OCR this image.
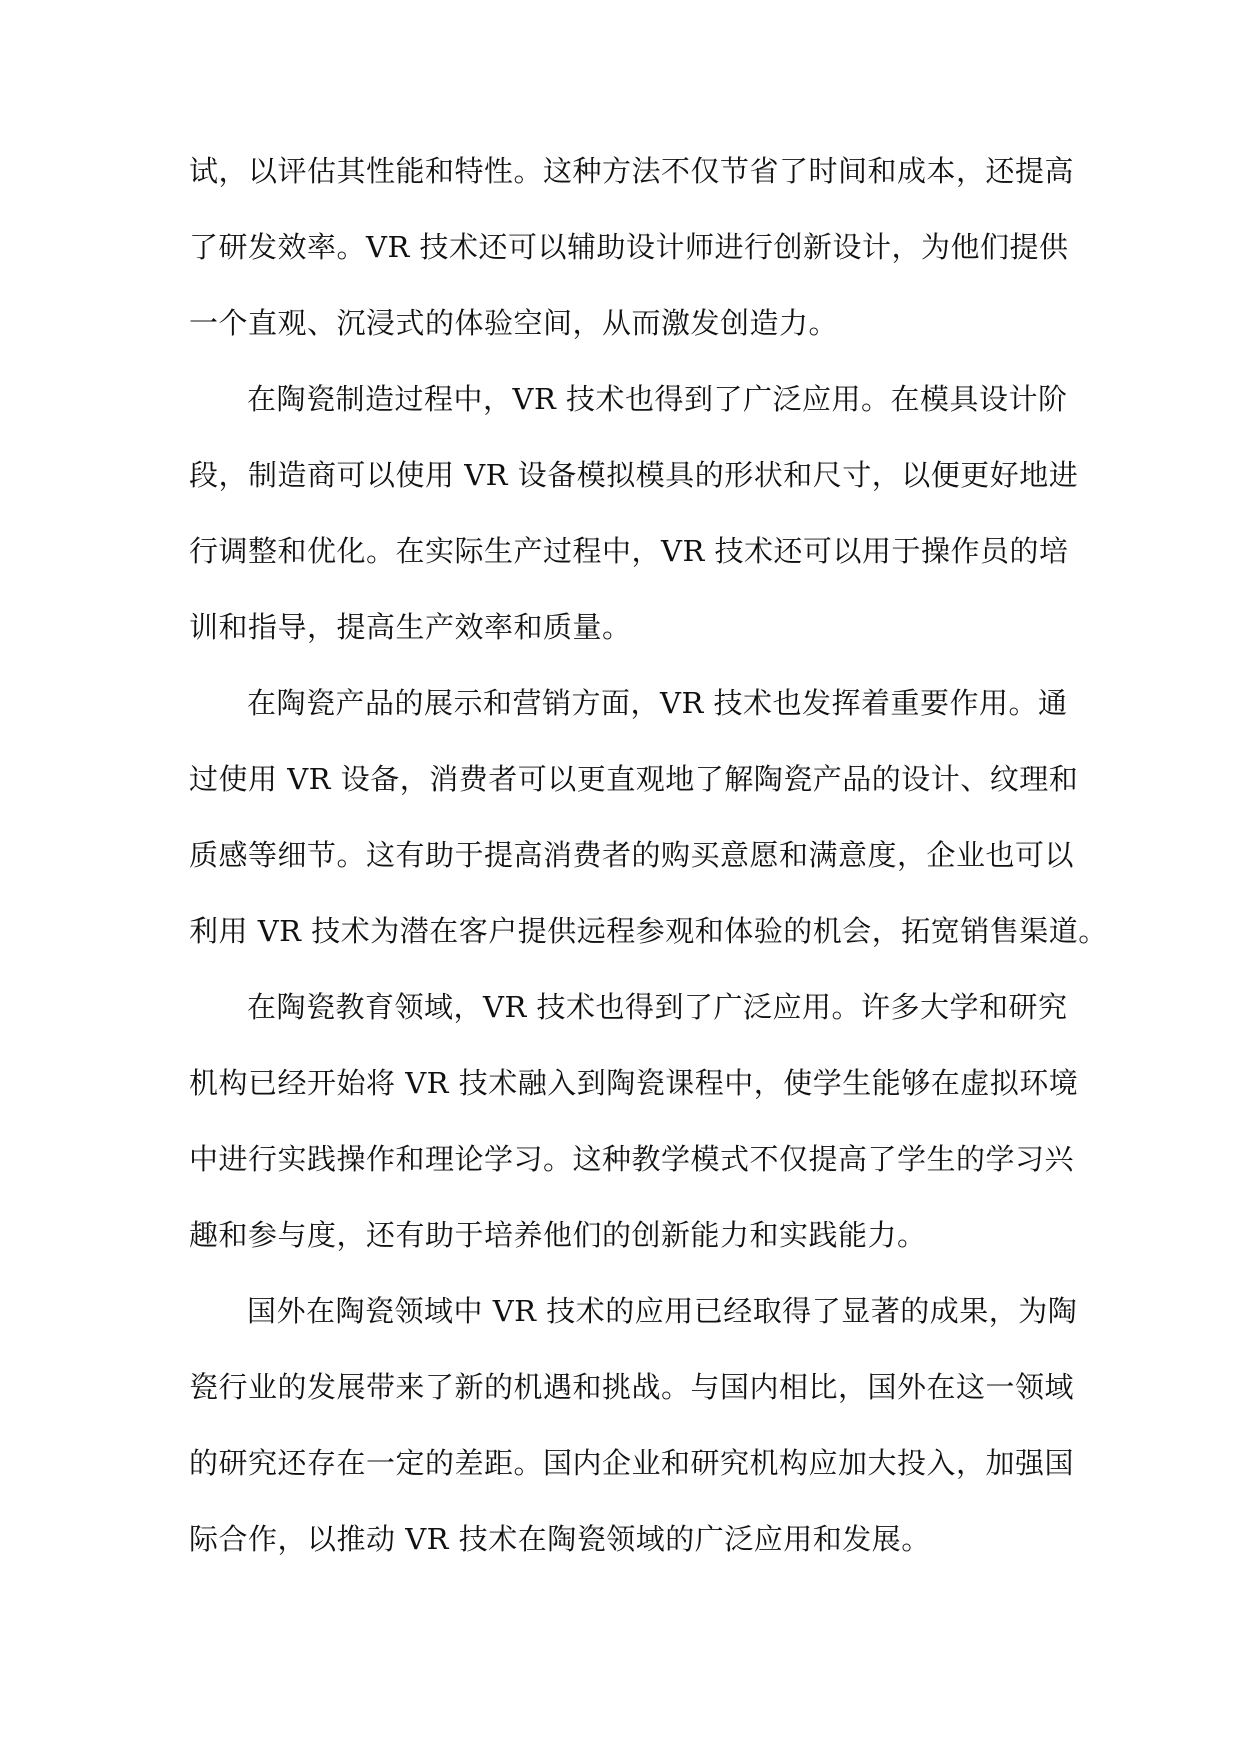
试，以评估其性能和特性。这种方法不仅节省了时间和成本，还提高
了研发效率。VR 技术还可以辅助设计师进行创新设计，为他们提供
一个直观、沉浸式的体验空间，从而激发创造力。

在陶瓷制造过程中，VR 技术也得到了广泛应用。在模具设计阶
段，制造商可以使用 VR 设备模拟模具的形状和尺寸，以便更好地进
行调整和优化。在实际生产过程中，VR 技术还可以用于操作员的培
训和指导，提高生产效率和质量。

在陶瓷产品的展示和营销方面，VR 技术也发挥着重要作用。通
过使用 VR 设备，消费者可以更直观地了解陶瓷产品的设计、纹理和
质感等细节。这有助于提高消费者的购买意愿和满意度，企业也可以
利用 VR 技术为潜在客户提供远程参观和体验的机会，拓宽销售渠道。

在陶瓷教育领域，VR 技术也得到了广泛应用。许多大学和研究
机构已经开始将 VR 技术融入到陶瓷课程中，使学生能够在虚拟环境
中进行实践操作和理论学习。这种教学模式不仅提高了学生的学习兴
趣和参与度，还有助于培养他们的创新能力和实践能力。

国外在陶瓷领域中 VR 技术的应用已经取得了显著的成果，为陶
瓷行业的发展带来了新的机遇和挑战。与国内相比，国外在这一领域
的研究还存在一定的差距。国内企业和研究机构应加大投入，加强国
际合作，以推动 VR 技术在陶瓷领域的广泛应用和发展。
